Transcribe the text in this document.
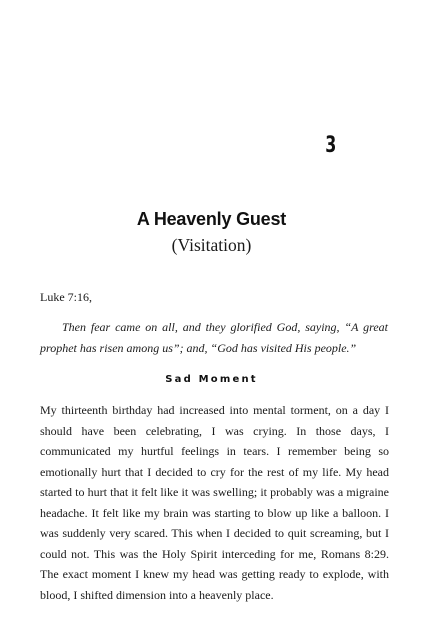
3
A Heavenly Guest
(Visitation)
Luke 7:16,
Then fear came on all, and they glorified God, saying, “A great prophet has risen among us”; and, “God has visited His people.”
Sad Moment
My thirteenth birthday had increased into mental torment, on a day I should have been celebrating, I was crying. In those days, I communicated my hurtful feelings in tears. I remember being so emotionally hurt that I decided to cry for the rest of my life. My head started to hurt that it felt like it was swelling; it probably was a migraine headache. It felt like my brain was starting to blow up like a balloon. I was suddenly very scared. This when I decided to quit screaming, but I could not. This was the Holy Spirit interceding for me, Romans 8:29. The exact moment I knew my head was getting ready to explode, with blood, I shifted dimension into a heavenly place.
